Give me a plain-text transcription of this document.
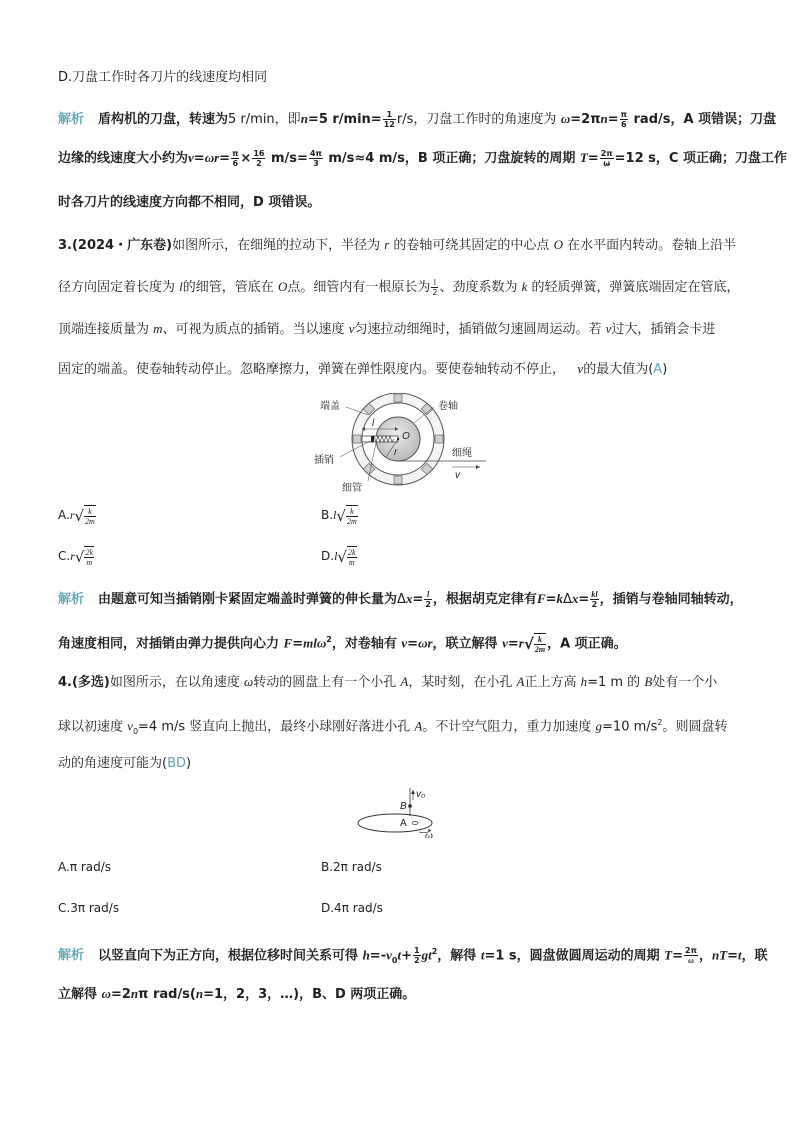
D.刀盘工作时各刀片的线速度均相同
解析 盾构机的刀盘，转速为5 r/min，即n=5 $r/\min= \frac{1}{12} r/s$，刀盘工作时的角速度为 $\omega=2\pi n= \frac{\pi}{6} rad/s$，A 项错误；刀盘
边缘的线速度大小约为$v=\omega r= \frac{\pi}{6} \times \frac{16}{2} m/s= \frac{4\pi}{3} m/s\approx 4$ m/s，B 项正确；刀盘旋转的周期 $T= \frac{2\pi}{\omega} =12$ s，C 项正确；刀盘工作
时各刀片的线速度方向都不相同，D 项错误。
3.(2024・广东卷)如图所示，在细绳的拉动下，半径为 r 的卷轴可绕其固定的中心点 O 在水平面内转动。卷轴上沿半
径方向固定着长度为 l的细管，管底在 O点。细管内有一根原长为 $\frac{l}{2}$ 、劲度系数为 k 的轻质弹簧，弹簧底端固定在管底，
顶端连接质量为 m、可视为质点的插销。当以速度 v匀速拉动细绳时，插销做匀速圆周运动。若 v过大，插销会卡进
固定的端盖。使卷轴转动停止。忽略摩擦力，弹簧在弹性限度内。要使卷轴转动不停止， v的最大值为(A)
端盖	卷轴
插销
细管
细绳
l
O
r
v
$A.r√ \frac{k}{2m}$	$B.l√ \frac{k}{2m}$
$C.r√ \frac{2k}{m}$	$D.l√ \frac{2k}{m}$
解析 由题意可知当插销刚卡紧固定端盖时弹簧的伸长量为$\Delta x= \frac{l}{2}$ ，根据胡克定律有$F=k\Delta x= \frac{kl}{2}$ ，插销与卷轴同轴转动，
角速度相同，对插销由弹力提供向心力 F=mlω$^2$，对卷轴有 v=ωr，联立解得 $v=r√ \frac{k}{2m}$ ，A 项正确。
4.(多选)如图所示，在以角速度 ω转动的圆盘上有一个小孔 A，某时刻，在小孔 A正上方高 h=1 m 的 B处有一个小
球以初速度 $v_0=4$ m/s 竖直向上抛出，最终小球刚好落进小孔 A。不计空气阻力，重力加速度 g=10 $m/s^2$。则圆盘转
动的角速度可能为(BD)
B
v₀
A
ω
A.π rad/s	B.2π rad/s
C.3π rad/s	D.4π rad/s
解析 以竖直向下为正方向，根据位移时间关系可得 $h=-v_0t+ \frac{1}{2} gt^2$，解得 t=1 s，圆盘做圆周运动的周期 $T= \frac{2\pi}{\omega}$ ，nT=t，联
立解得 ω=2nπ rad/s(n=1，2，3，…)，B、D 两项正确。
